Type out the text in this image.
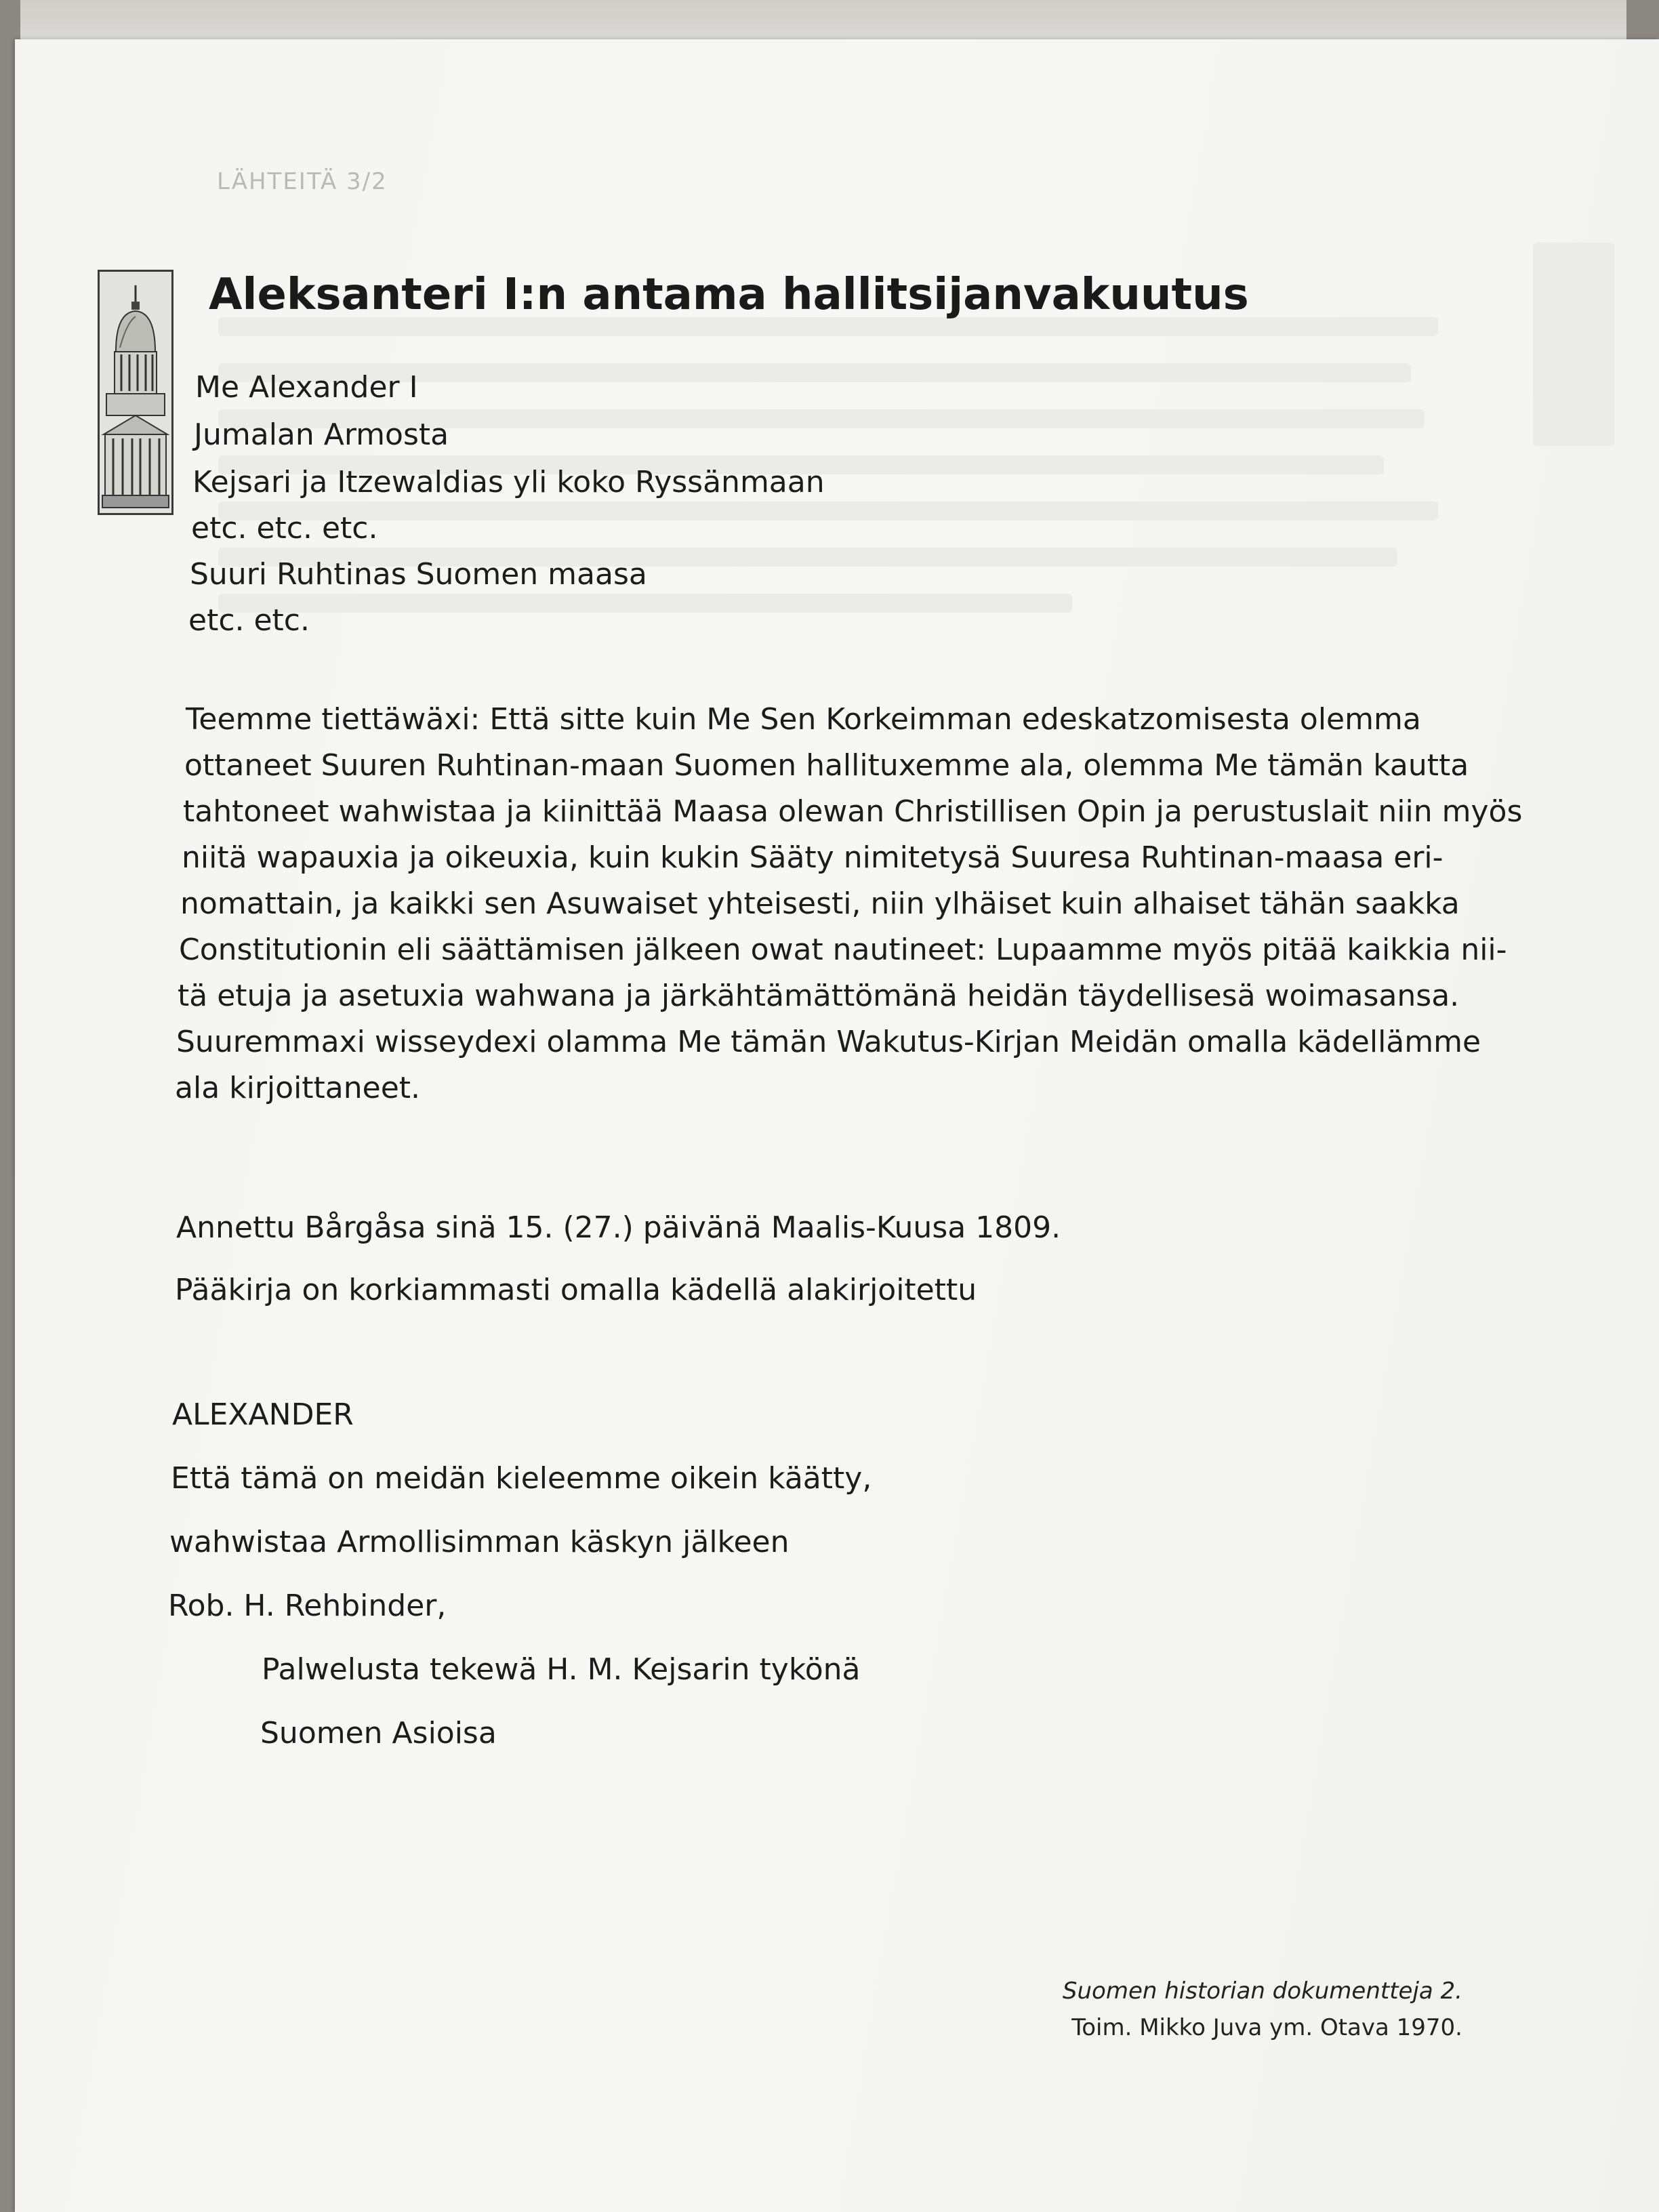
LÄHTEITÄ 3/2
Aleksanteri I:n antama hallitsijanvakuutus
Me Alexander I
Jumalan Armosta
Kejsari ja Itzewaldias yli koko Ryssänmaan
etc. etc. etc.
Suuri Ruhtinas Suomen maasa
etc. etc.
Teemme tiettäwäxi: Että sitte kuin Me Sen Korkeimman edeskatzomisesta olemma
ottaneet Suuren Ruhtinan-maan Suomen hallituxemme ala, olemma Me tämän kautta
tahtoneet wahwistaa ja kiinittää Maasa olewan Christillisen Opin ja perustuslait niin myös
niitä wapauxia ja oikeuxia, kuin kukin Sääty nimitetysä Suuresa Ruhtinan-maasa eri-
nomattain, ja kaikki sen Asuwaiset yhteisesti, niin ylhäiset kuin alhaiset tähän saakka
Constitutionin eli säättämisen jälkeen owat nautineet: Lupaamme myös pitää kaikkia nii-
tä etuja ja asetuxia wahwana ja järkähtämättömänä heidän täydellisesä woimasansa.
Suuremmaxi wisseydexi olamma Me tämän Wakutus-Kirjan Meidän omalla kädellämme
ala kirjoittaneet.
Annettu Bårgåsa sinä 15. (27.) päivänä Maalis-Kuusa 1809.
Pääkirja on korkiammasti omalla kädellä alakirjoitettu
ALEXANDER
Että tämä on meidän kieleemme oikein käätty,
wahwistaa Armollisimman käskyn jälkeen
Rob. H. Rehbinder,
Palwelusta tekewä H. M. Kejsarin tykönä
Suomen Asioisa
Suomen historian dokumentteja 2.
Toim. Mikko Juva ym. Otava 1970.
